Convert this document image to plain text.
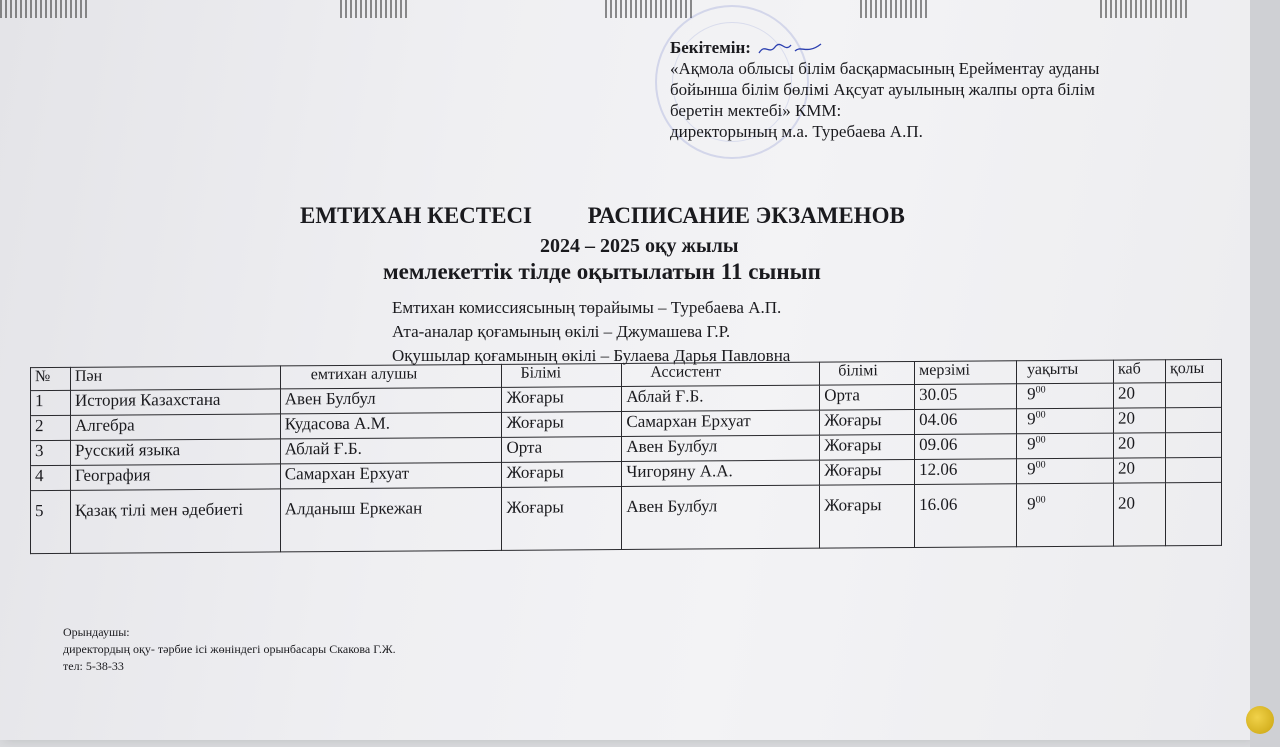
Бекітемін:
«Ақмола облысы білім басқармасының Ерейментау ауданы
бойынша білім бөлімі Ақсуат ауылының жалпы орта білім
беретін мектебі» КММ:
директорының м.а. Туребаева А.П.
ЕМТИХАН КЕСТЕСІ РАСПИСАНИЕ ЭКЗАМЕНОВ
2024 – 2025 оқу жылы
мемлекеттік тілде оқытылатын 11 сынып
Емтихан комиссиясының төрайымы – Туребаева А.П.
Ата-аналар қоғамының өкілі – Джумашева Г.Р.
Оқушылар қоғамының өкілі – Булаева Дарья Павловна
№	Пән	емтихан алушы	Білімі	Ассистент	білімі	мерзімі	уақыты	каб	қолы
1	История Казахстана	Авен Булбул	Жоғары	Аблай Ғ.Б.	Орта	30.05	$9^{00}$	20	
2	Алгебра	Кудасова А.М.	Жоғары	Самархан Ерхуат	Жоғары	04.06	$9^{00}$	20	
3	Русский языка	Аблай Ғ.Б.	Орта	Авен Булбул	Жоғары	09.06	$9^{00}$	20	
4	География	Самархан Ерхуат	Жоғары	Чигоряну А.А.	Жоғары	12.06	$9^{00}$	20	
5	Қазақ тілі мен әдебиеті	Алданыш Еркежан	Жоғары	Авен Булбул	Жоғары	16.06	$9^{00}$	20	
Орындаушы:
директордың оқу- тәрбие ісі жөніндегі орынбасары Скакова Г.Ж.
тел: 5-38-33
